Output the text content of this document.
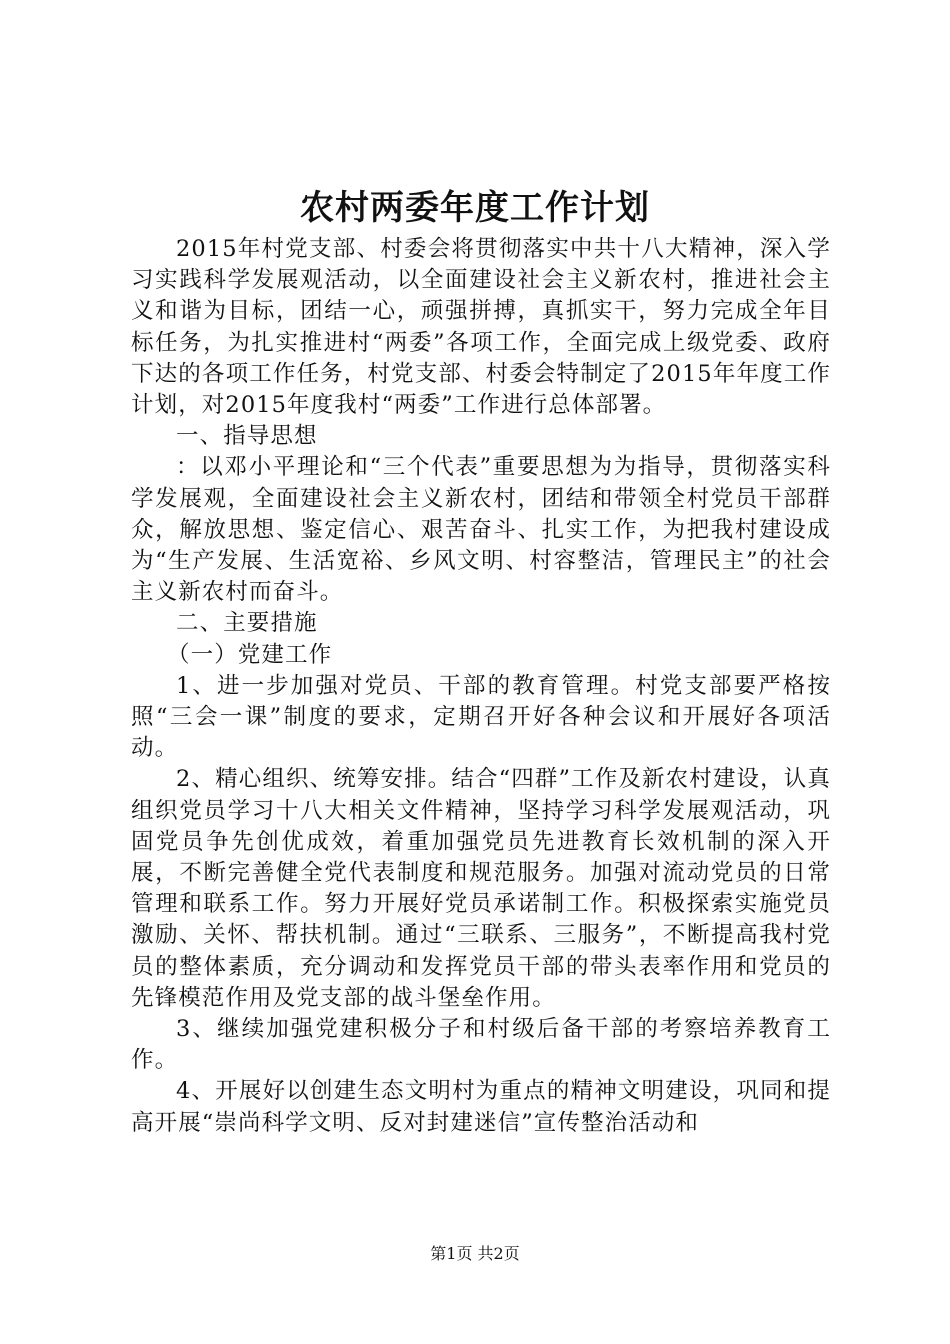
农村两委年度工作计划

2015年村党支部、村委会将贯彻落实中共十八大精神，深入学习实践科学发展观活动，以全面建设社会主义新农村，推进社会主义和谐为目标，团结一心，顽强拼搏，真抓实干，努力完成全年目标任务，为扎实推进村“两委”各项工作，全面完成上级党委、政府下达的各项工作任务，村党支部、村委会特制定了2015年年度工作计划，对2015年度我村“两委”工作进行总体部署。

一、指导思想

：以邓小平理论和“三个代表”重要思想为为指导，贯彻落实科学发展观，全面建设社会主义新农村，团结和带领全村党员干部群众，解放思想、鉴定信心、艰苦奋斗、扎实工作，为把我村建设成为“生产发展、生活宽裕、乡风文明、村容整洁，管理民主”的社会主义新农村而奋斗。

二、主要措施

（一）党建工作

1、进一步加强对党员、干部的教育管理。村党支部要严格按照“三会一课”制度的要求，定期召开好各种会议和开展好各项活动。

2、精心组织、统筹安排。结合“四群”工作及新农村建设，认真组织党员学习十八大相关文件精神，坚持学习科学发展观活动，巩固党员争先创优成效，着重加强党员先进教育长效机制的深入开展，不断完善健全党代表制度和规范服务。加强对流动党员的日常管理和联系工作。努力开展好党员承诺制工作。积极探索实施党员激励、关怀、帮扶机制。通过“三联系、三服务”，不断提高我村党员的整体素质，充分调动和发挥党员干部的带头表率作用和党员的先锋模范作用及党支部的战斗堡垒作用。

3、继续加强党建积极分子和村级后备干部的考察培养教育工作。

4、开展好以创建生态文明村为重点的精神文明建设，巩同和提高开展“崇尚科学文明、反对封建迷信”宣传整治活动和

第1页 共2页
